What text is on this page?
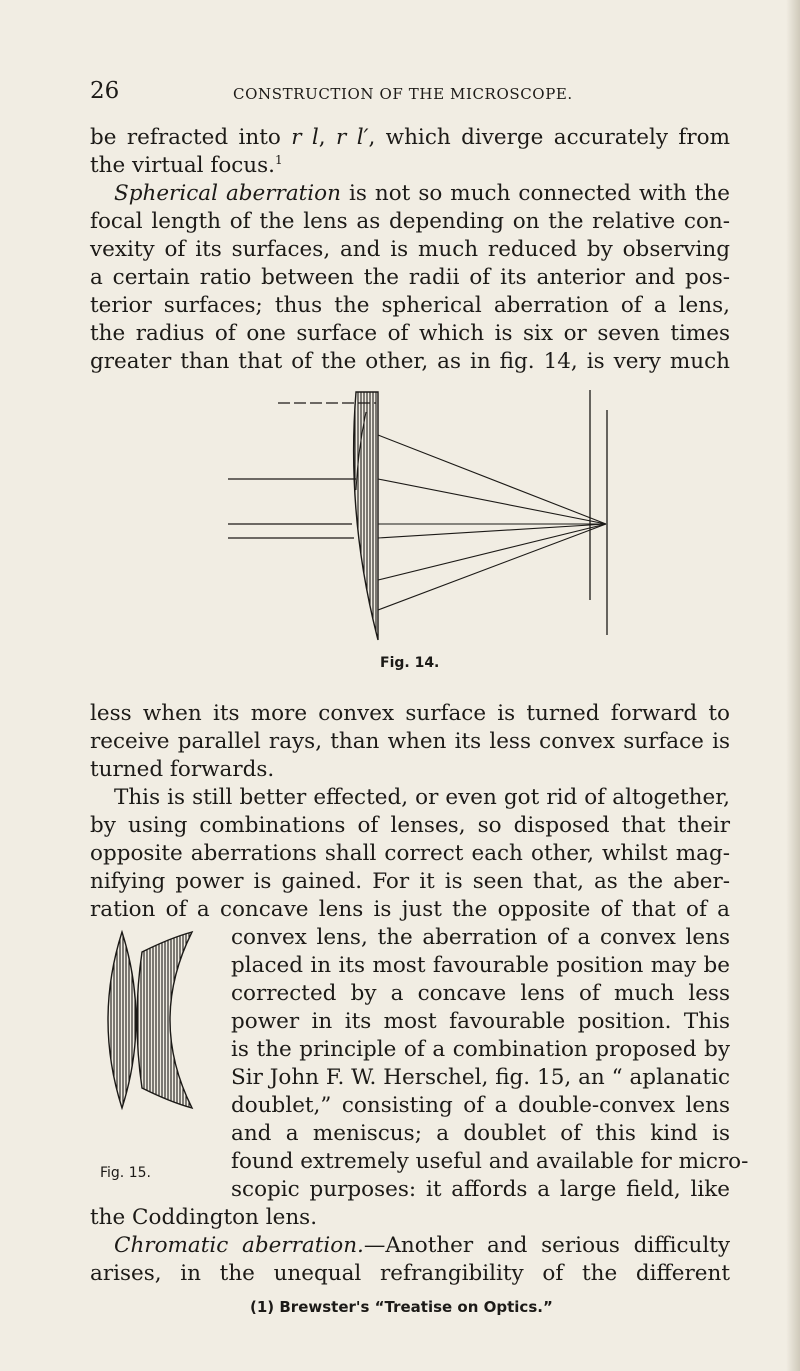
26	CONSTRUCTION OF THE MICROSCOPE.
be refracted into r l, r l′, which diverge accurately from
the virtual focus.$^1$
Spherical aberration is not so much connected with the
focal length of the lens as depending on the relative con-
vexity of its surfaces, and is much reduced by observing
a certain ratio between the radii of its anterior and pos-
terior surfaces; thus the spherical aberration of a lens,
the radius of one surface of which is six or seven times
greater than that of the other, as in fig. 14, is very much
Fig. 14.
less when its more convex surface is turned forward to
receive parallel rays, than when its less convex surface is
turned forwards.
This is still better effected, or even got rid of altogether,
by using combinations of lenses, so disposed that their
opposite aberrations shall correct each other, whilst mag-
nifying power is gained. For it is seen that, as the aber-
ration of a concave lens is just the opposite of that of a
convex lens, the aberration of a convex lens
placed in its most favourable position may be
corrected by a concave lens of much less
power in its most favourable position. This
is the principle of a combination proposed by
Sir John F. W. Herschel, fig. 15, an “ aplanatic
doublet,” consisting of a double-convex lens
and a meniscus; a doublet of this kind is
found extremely useful and available for micro-
scopic purposes: it affords a large field, like
Fig. 15.
the Coddington lens.
Chromatic aberration.—Another and serious difficulty
arises, in the unequal refrangibility of the different
(1) Brewster's “Treatise on Optics.”
